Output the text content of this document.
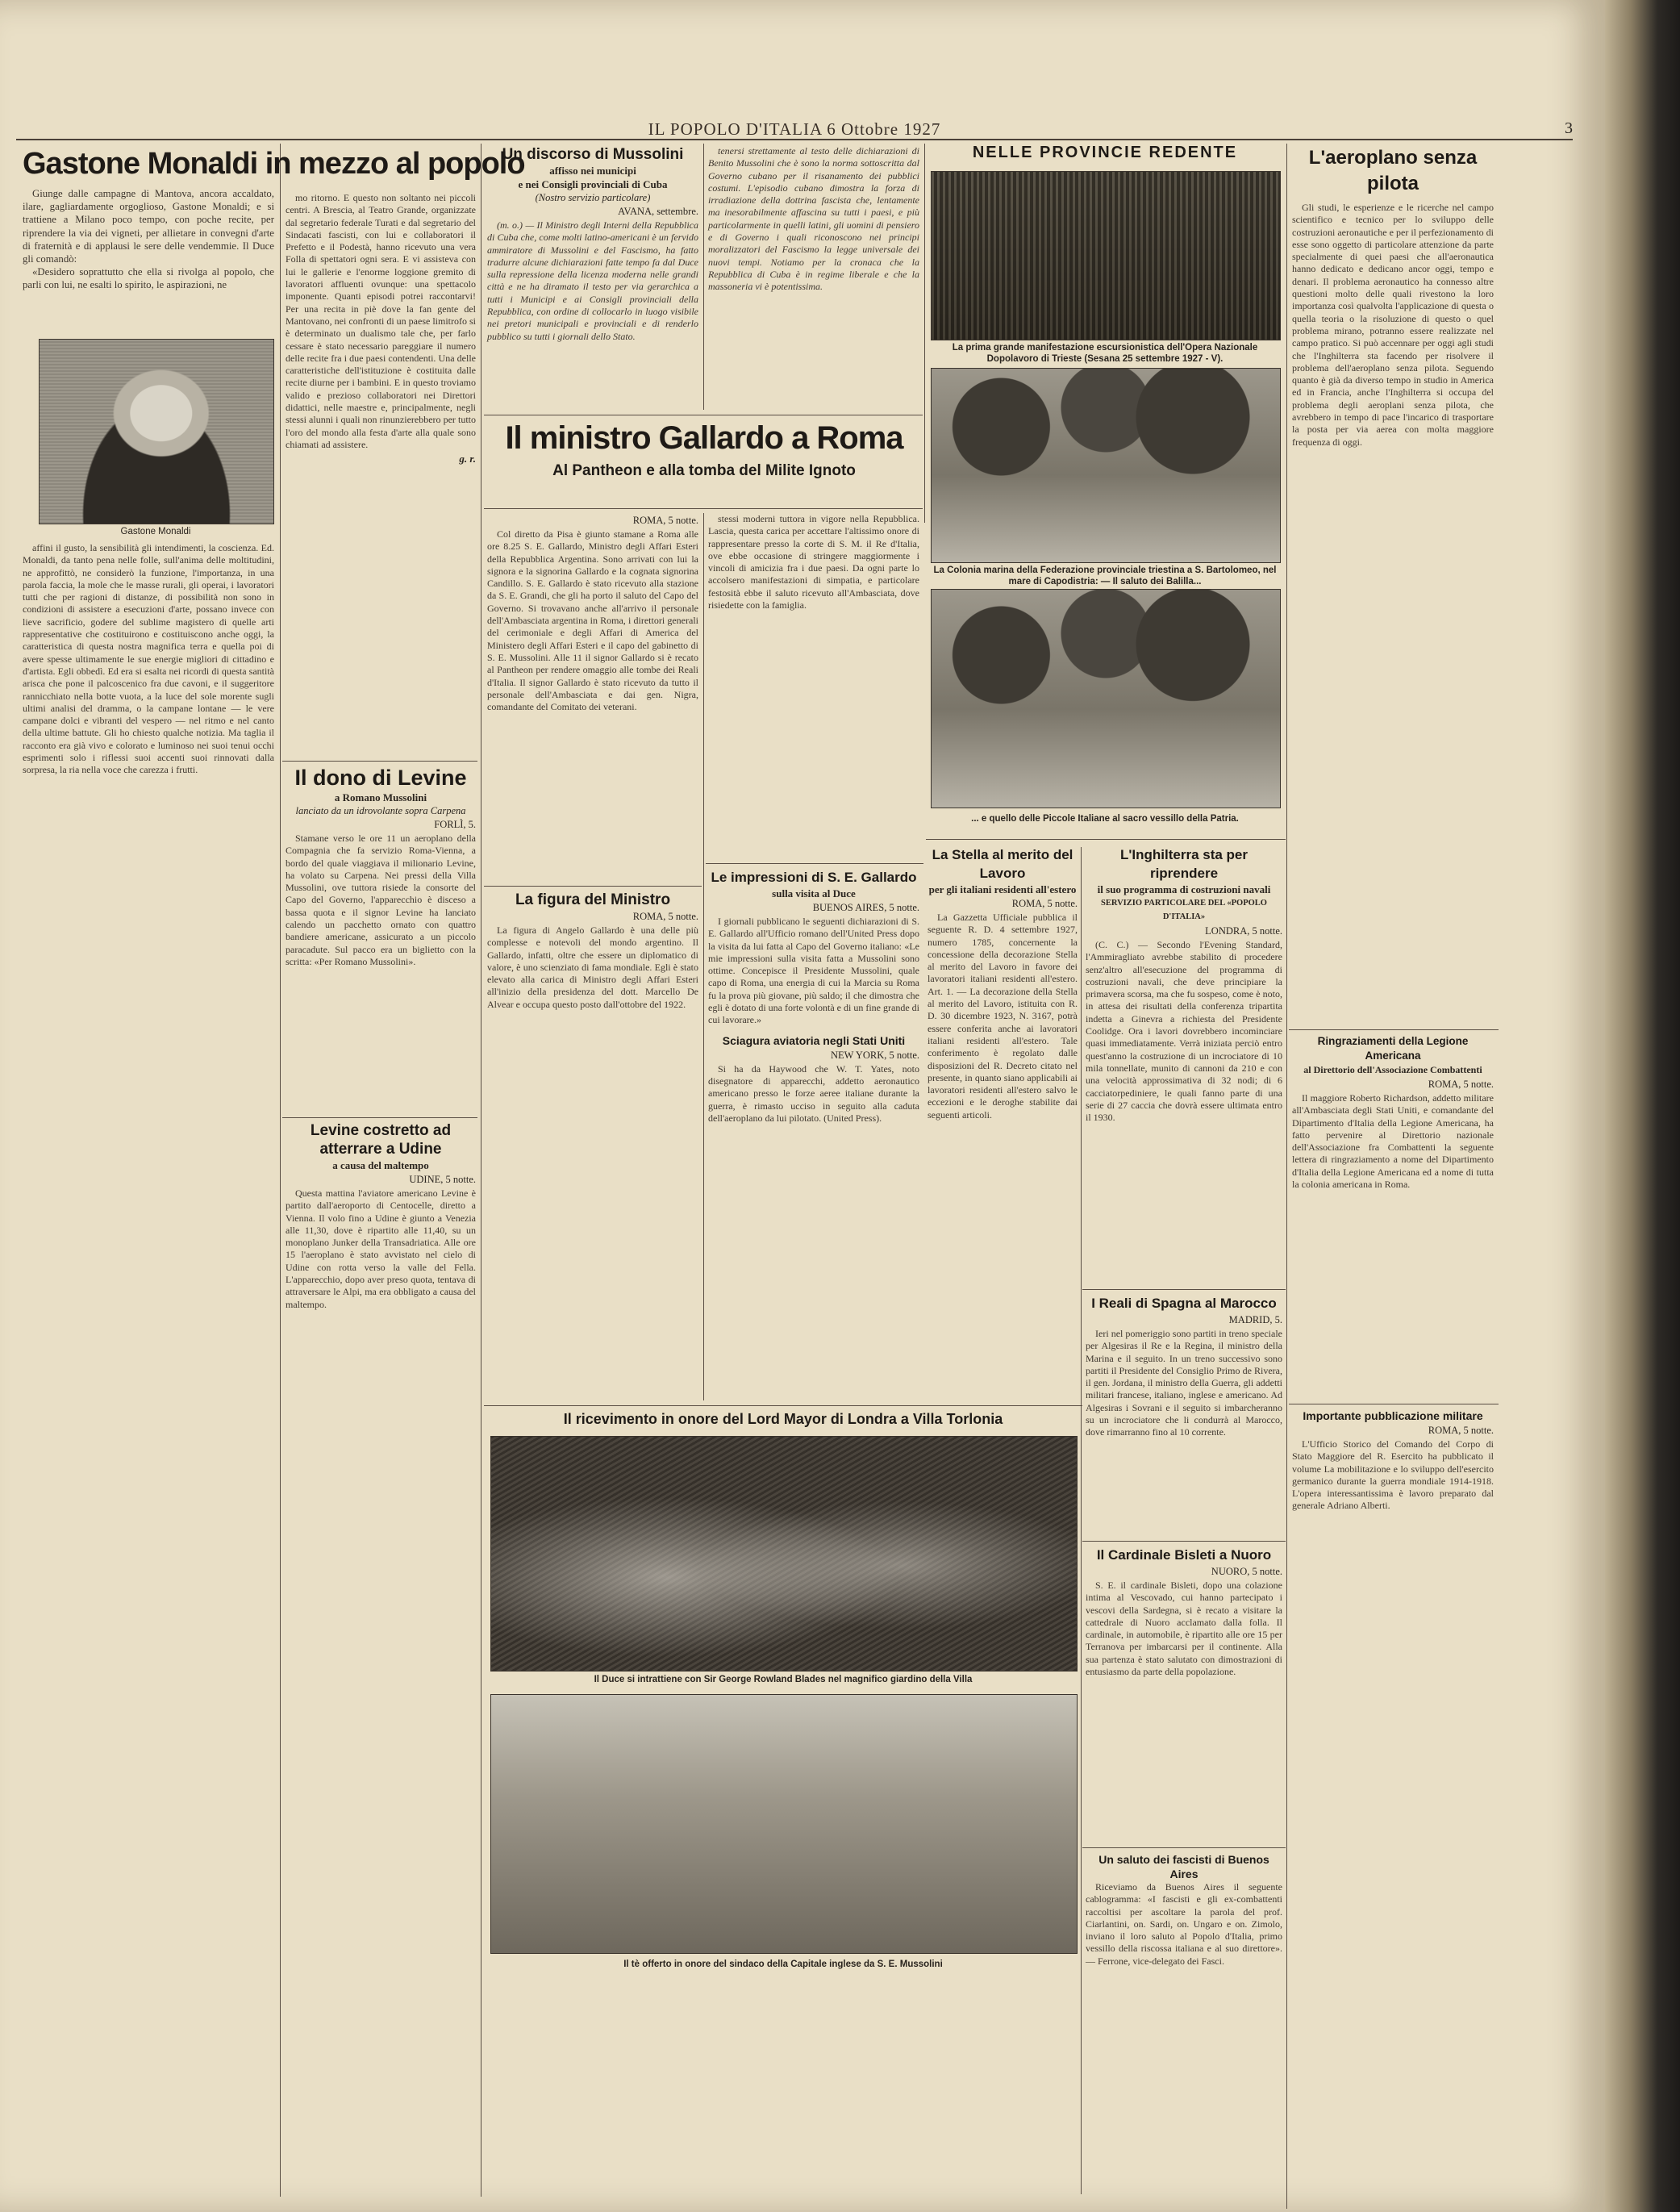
IL POPOLO D'ITALIA 6 Ottobre 1927	3
Gastone Monaldi in mezzo al popolo
Giunge dalle campagne di Mantova, ancora accaldato, ilare, gagliardamente orgoglioso, Gastone Monaldi; e si trattiene a Milano poco tempo, con poche recite, per riprendere la via dei vigneti, per allietare in convegni d'arte di fraternità e di applausi le sere delle vendemmie. Il Duce gli comandò:
«Desidero soprattutto che ella si rivolga al popolo, che parli con lui, ne esalti lo spirito, le aspirazioni, ne
Gastone Monaldi
affini il gusto, la sensibilità gli intendimenti, la coscienza. Ed. Monaldi, da tanto pena nelle folle, sull'anima delle moltitudini, ne approfittò, ne considerò la funzione, l'importanza, in una parola faccia, la mole che le masse rurali, gli operai, i lavoratori tutti che per ragioni di distanze, di possibilità non sono in condizioni di assistere a esecuzioni d'arte, possano invece con lieve sacrificio, godere del sublime magistero di quelle arti rappresentative che costituirono e costituiscono anche oggi, la caratteristica di questa nostra magnifica terra e quella poi di avere spesse ultimamente le sue energie migliori di cittadino e d'artista. Egli obbedì. Ed era si esalta nei ricordi di questa santità arisca che pone il palcoscenico fra due cavoni, e il suggeritore rannicchiato nella botte vuota, a la luce del sole morente sugli ultimi analisi del dramma, o la campane lontane — le vere campane dolci e vibranti del vespero — nel ritmo e nel canto della ultime battute. Gli ho chiesto qualche notizia. Ma taglia il racconto era già vivo e colorato e luminoso nei suoi tenui occhi esprimenti solo i riflessi suoi accenti suoi rinnovati dalla sorpresa, la ria nella voce che carezza i frutti.
mo ritorno. E questo non soltanto nei piccoli centri. A Brescia, al Teatro Grande, organizzate dal segretario federale Turati e dal segretario del Sindacati fascisti, con lui e collaboratori il Prefetto e il Podestà, hanno ricevuto una vera Folla di spettatori ogni sera. E vi assisteva con lui le gallerie e l'enorme loggione gremito di lavoratori affluenti ovunque: una spettacolo imponente. Quanti episodi potrei raccontarvi! Per una recita in piè dove la fan gente del Mantovano, nei confronti di un paese limitrofo si è determinato un dualismo tale che, per farlo cessare è stato necessario pareggiare il numero delle recite fra i due paesi contendenti. Una delle caratteristiche dell'istituzione è costituita dalle recite diurne per i bambini. E in questo troviamo valido e prezioso collaboratori nei Direttori didattici, nelle maestre e, principalmente, negli stessi alunni i quali non rinunzierebbero per tutto l'oro del mondo alla festa d'arte alla quale sono chiamati ad assistere.
g. r.
Il dono di Levine
a Romano Mussolini
lanciato da un idrovolante sopra Carpena
FORLÌ, 5.
Stamane verso le ore 11 un aeroplano della Compagnia che fa servizio Roma-Vienna, a bordo del quale viaggiava il milionario Levine, ha volato su Carpena. Nei pressi della Villa Mussolini, ove tuttora risiede la consorte del Capo del Governo, l'apparecchio è disceso a bassa quota e il signor Levine ha lanciato calendo un pacchetto ornato con quattro bandiere americane, assicurato a un piccolo paracadute. Sul pacco era un biglietto con la scritta: «Per Romano Mussolini».
Levine costretto ad atterrare a Udine
a causa del maltempo
UDINE, 5 notte.
Questa mattina l'aviatore americano Levine è partito dall'aeroporto di Centocelle, diretto a Vienna. Il volo fino a Udine è giunto a Venezia alle 11,30, dove è ripartito alle 11,40, su un monoplano Junker della Transadriatica. Alle ore 15 l'aeroplano è stato avvistato nel cielo di Udine con rotta verso la valle del Fella. L'apparecchio, dopo aver preso quota, tentava di attraversare le Alpi, ma era obbligato a causa del maltempo.
Un discorso di Mussolini
affisso nei municipi
e nei Consigli provinciali di Cuba
(Nostro servizio particolare)
AVANA, settembre.
(m. o.) — Il Ministro degli Interni della Repubblica di Cuba che, come molti latino-americani è un fervido ammiratore di Mussolini e del Fascismo, ha fatto tradurre alcune dichiarazioni fatte tempo fa dal Duce sulla repressione della licenza moderna nelle grandi città e ne ha diramato il testo per via gerarchica a tutti i Municipi e ai Consigli provinciali della Repubblica, con ordine di collocarlo in luogo visibile nei pretori municipali e provinciali e di renderlo pubblico su tutti i giornali dello Stato.
tenersi strettamente al testo delle dichiarazioni di Benito Mussolini che è sono la norma sottoscritta dal Governo cubano per il risanamento dei pubblici costumi. L'episodio cubano dimostra la forza di irradiazione della dottrina fascista che, lentamente ma inesorabilmente affascina su tutti i paesi, e più particolarmente in quelli latini, gli uomini di pensiero e di Governo i quali riconoscono nei principi moralizzatori del Fascismo la legge universale dei nuovi tempi. Notiamo per la cronaca che la Repubblica di Cuba è in regime liberale e che la massoneria vi è potentissima.
Il ministro Gallardo a Roma
Al Pantheon e alla tomba del Milite Ignoto
ROMA, 5 notte.
Col diretto da Pisa è giunto stamane a Roma alle ore 8.25 S. E. Gallardo, Ministro degli Affari Esteri della Repubblica Argentina. Sono arrivati con lui la signora e la signorina Gallardo e la cognata signorina Candillo. S. E. Gallardo è stato ricevuto alla stazione da S. E. Grandi, che gli ha porto il saluto del Capo del Governo. Si trovavano anche all'arrivo il personale dell'Ambasciata argentina in Roma, i direttori generali del cerimoniale e degli Affari di America del Ministero degli Affari Esteri e il capo del gabinetto di S. E. Mussolini. Alle 11 il signor Gallardo si è recato al Pantheon per rendere omaggio alle tombe dei Reali d'Italia. Il signor Gallardo è stato ricevuto da tutto il personale dell'Ambasciata e dai gen. Nigra, comandante del Comitato dei veterani.
stessi moderni tuttora in vigore nella Repubblica. Lascia, questa carica per accettare l'altissimo onore di rappresentare presso la corte di S. M. il Re d'Italia, ove ebbe occasione di stringere maggiormente i vincoli di amicizia fra i due paesi. Da ogni parte lo accolsero manifestazioni di simpatia, e particolare festosità ebbe il saluto ricevuto all'Ambasciata, dove risiedette con la famiglia.
La figura del Ministro
ROMA, 5 notte.
La figura di Angelo Gallardo è una delle più complesse e notevoli del mondo argentino. Il Gallardo, infatti, oltre che essere un diplomatico di valore, è uno scienziato di fama mondiale. Egli è stato elevato alla carica di Ministro degli Affari Esteri all'inizio della presidenza del dott. Marcello De Alvear e occupa questo posto dall'ottobre del 1922.
Le impressioni di S. E. Gallardo
sulla visita al Duce
BUENOS AIRES, 5 notte.
I giornali pubblicano le seguenti dichiarazioni di S. E. Gallardo all'Ufficio romano dell'United Press dopo la visita da lui fatta al Capo del Governo italiano: «Le mie impressioni sulla visita fatta a Mussolini sono ottime. Concepisce il Presidente Mussolini, quale capo di Roma, una energia di cui la Marcia su Roma fu la prova più giovane, più saldo; il che dimostra che egli è dotato di una forte volontà e di un fine grande di cui lavorare.»
Sciagura aviatoria negli Stati Uniti
NEW YORK, 5 notte.
Si ha da Haywood che W. T. Yates, noto disegnatore di apparecchi, addetto aeronautico americano presso le forze aeree italiane durante la guerra, è rimasto ucciso in seguito alla caduta dell'aeroplano da lui pilotato. (United Press).
NELLE PROVINCIE REDENTE
La prima grande manifestazione escursionistica dell'Opera Nazionale Dopolavoro di Trieste (Sesana 25 settembre 1927 - V).
La Colonia marina della Federazione provinciale triestina a S. Bartolomeo, nel mare di Capodistria: — Il saluto dei Balilla...
... e quello delle Piccole Italiane al sacro vessillo della Patria.
La Stella al merito del Lavoro
per gli italiani residenti all'estero
ROMA, 5 notte.
La Gazzetta Ufficiale pubblica il seguente R. D. 4 settembre 1927, numero 1785, concernente la concessione della decorazione Stella al merito del Lavoro in favore dei lavoratori italiani residenti all'estero. Art. 1. — La decorazione della Stella al merito del Lavoro, istituita con R. D. 30 dicembre 1923, N. 3167, potrà essere conferita anche ai lavoratori italiani residenti all'estero. Tale conferimento è regolato dalle disposizioni del R. Decreto citato nel presente, in quanto siano applicabili ai lavoratori residenti all'estero salvo le eccezioni e le deroghe stabilite dai seguenti articoli.
L'Inghilterra sta per riprendere
il suo programma di costruzioni navali
SERVIZIO PARTICOLARE DEL «POPOLO D'ITALIA»
LONDRA, 5 notte.
(C. C.) — Secondo l'Evening Standard, l'Ammiragliato avrebbe stabilito di procedere senz'altro all'esecuzione del programma di costruzioni navali, che deve principiare la primavera scorsa, ma che fu sospeso, come è noto, in attesa dei risultati della conferenza tripartita indetta a Ginevra a richiesta del Presidente Coolidge. Ora i lavori dovrebbero incominciare quasi immediatamente. Verrà iniziata perciò entro quest'anno la costruzione di un incrociatore di 10 mila tonnellate, munito di cannoni da 210 e con una velocità approssimativa di 32 nodi; di 6 cacciatorpediniere, le quali fanno parte di una serie di 27 caccia che dovrà essere ultimata entro il 1930.
I Reali di Spagna al Marocco
MADRID, 5.
Ieri nel pomeriggio sono partiti in treno speciale per Algesiras il Re e la Regina, il ministro della Marina e il seguito. In un treno successivo sono partiti il Presidente del Consiglio Primo de Rivera, il gen. Jordana, il ministro della Guerra, gli addetti militari francese, italiano, inglese e americano. Ad Algesiras i Sovrani e il seguito si imbarcheranno su un incrociatore che li condurrà al Marocco, dove rimarranno fino al 10 corrente.
Il Cardinale Bisleti a Nuoro
NUORO, 5 notte.
S. E. il cardinale Bisleti, dopo una colazione intima al Vescovado, cui hanno partecipato i vescovi della Sardegna, si è recato a visitare la cattedrale di Nuoro acclamato dalla folla. Il cardinale, in automobile, è ripartito alle ore 15 per Terranova per imbarcarsi per il continente. Alla sua partenza è stato salutato con dimostrazioni di entusiasmo da parte della popolazione.
Un saluto dei fascisti di Buenos Aires
Riceviamo da Buenos Aires il seguente cablogramma: «I fascisti e gli ex-combattenti raccoltisi per ascoltare la parola del prof. Ciarlantini, on. Sardi, on. Ungaro e on. Zimolo, inviano il loro saluto al Popolo d'Italia, primo vessillo della riscossa italiana e al suo direttore». — Ferrone, vice-delegato dei Fasci.
Il ricevimento in onore del Lord Mayor di Londra a Villa Torlonia
Il Duce si intrattiene con Sir George Rowland Blades nel magnifico giardino della Villa
Il tè offerto in onore del sindaco della Capitale inglese da S. E. Mussolini
L'aeroplano senza pilota
Gli studi, le esperienze e le ricerche nel campo scientifico e tecnico per lo sviluppo delle costruzioni aeronautiche e per il perfezionamento di esse sono oggetto di particolare attenzione da parte specialmente di quei paesi che all'aeronautica hanno dedicato e dedicano ancor oggi, tempo e denari. Il problema aeronautico ha connesso altre questioni molto delle quali rivestono la loro importanza così qualvolta l'applicazione di questa o quella teoria o la risoluzione di questo o quel problema mirano, potranno essere realizzate nel campo pratico. Si può accennare per oggi agli studi che l'Inghilterra sta facendo per risolvere il problema dell'aeroplano senza pilota. Seguendo quanto è già da diverso tempo in studio in America ed in Francia, anche l'Inghilterra si occupa del problema degli aeroplani senza pilota, che avrebbero in tempo di pace l'incarico di trasportare la posta per via aerea con molta maggiore frequenza di oggi.
Ringraziamenti della Legione Americana
al Direttorio dell'Associazione Combattenti
ROMA, 5 notte.
Il maggiore Roberto Richardson, addetto militare all'Ambasciata degli Stati Uniti, e comandante del Dipartimento d'Italia della Legione Americana, ha fatto pervenire al Direttorio nazionale dell'Associazione fra Combattenti la seguente lettera di ringraziamento a nome del Dipartimento d'Italia della Legione Americana ed a nome di tutta la colonia americana in Roma.
Importante pubblicazione militare
ROMA, 5 notte.
L'Ufficio Storico del Comando del Corpo di Stato Maggiore del R. Esercito ha pubblicato il volume La mobilitazione e lo sviluppo dell'esercito germanico durante la guerra mondiale 1914-1918. L'opera interessantissima è lavoro preparato dal generale Adriano Alberti.
